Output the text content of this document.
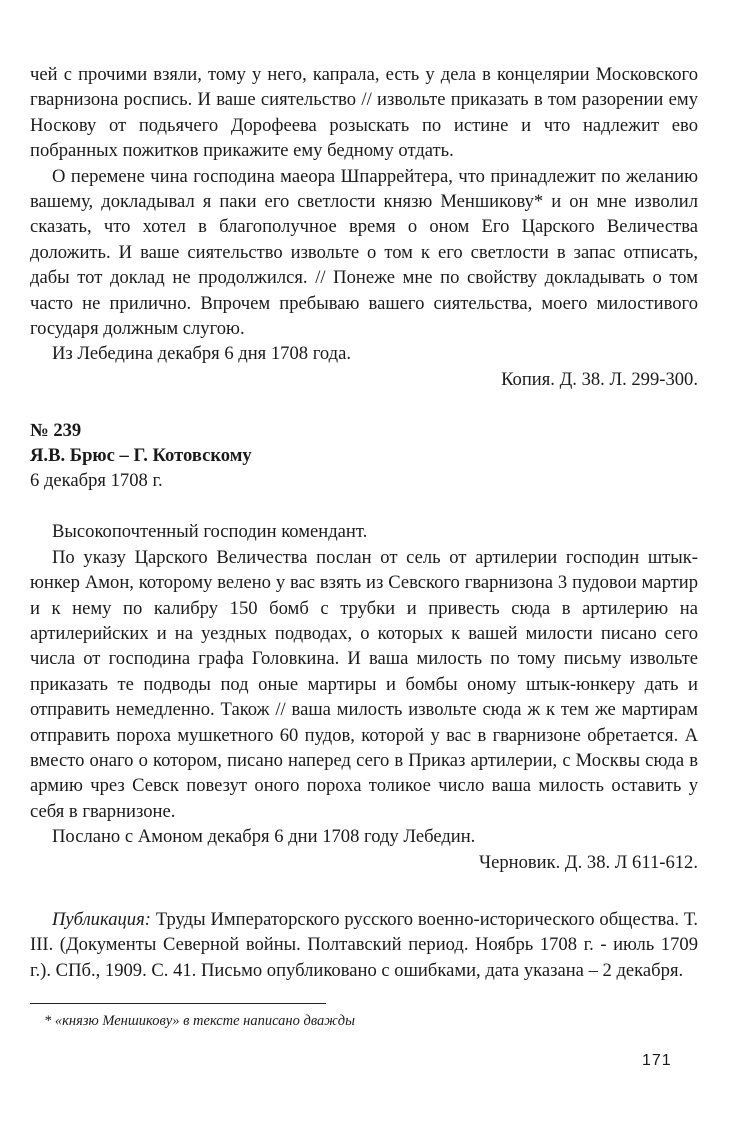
чей с прочими взяли, тому у него, капрала, есть у дела в концелярии Московского гварнизона роспись. И ваше сиятельство // извольте приказать в том разорении ему Носкову от подьячего Дорофеева розыскать по истине и что надлежит ево побранных пожитков прикажите ему бедному отдать.

О перемене чина господина маеора Шпаррейтера, что принадлежит по желанию вашему, докладывал я паки его светлости князю Меншикову* и он мне изволил сказать, что хотел в благополучное время о оном Его Царского Величества доложить. И ваше сиятельство извольте о том к его светлости в запас отписать, дабы тот доклад не продолжился. // Понеже мне по свойству докладывать о том часто не прилично. Впрочем пребываю вашего сиятельства, моего милостивого государя должным слугою.

Из Лебедина декабря 6 дня 1708 года.

Копия. Д. 38. Л. 299-300.

№ 239

Я.В. Брюс – Г. Котовскому

6 декабря 1708 г.

Высокопочтенный господин комендант.

По указу Царского Величества послан от сель от артилерии господин штык-юнкер Амон, которому велено у вас взять из Севского гварнизона 3 пудовои мартир и к нему по калибру 150 бомб с трубки и привесть сюда в артилерию на артилерийских и на уездных подводах, о которых к вашей милости писано сего числа от господина графа Головкина. И ваша милость по тому письму извольте приказать те подводы под оные мартиры и бомбы оному штык-юнкеру дать и отправить немедленно. Також // ваша милость извольте сюда ж к тем же мартирам отправить пороха мушкетного 60 пудов, которой у вас в гварнизоне обретается. А вместо онаго о котором, писано наперед сего в Приказ артилерии, с Москвы сюда в армию чрез Севск повезут оного пороха толикое число ваша милость оставить у себя в гварнизоне.

Послано с Амоном декабря 6 дни 1708 году Лебедин.

Черновик. Д. 38. Л 611-612.

Публикация: Труды Императорского русского военно-исторического общества. Т. III. (Документы Северной войны. Полтавский период. Ноябрь 1708 г. - июль 1709 г.). СПб., 1909. С. 41. Письмо опубликовано с ошибками, дата указана – 2 декабря.

* «князю Меншикову» в тексте написано дважды

171
